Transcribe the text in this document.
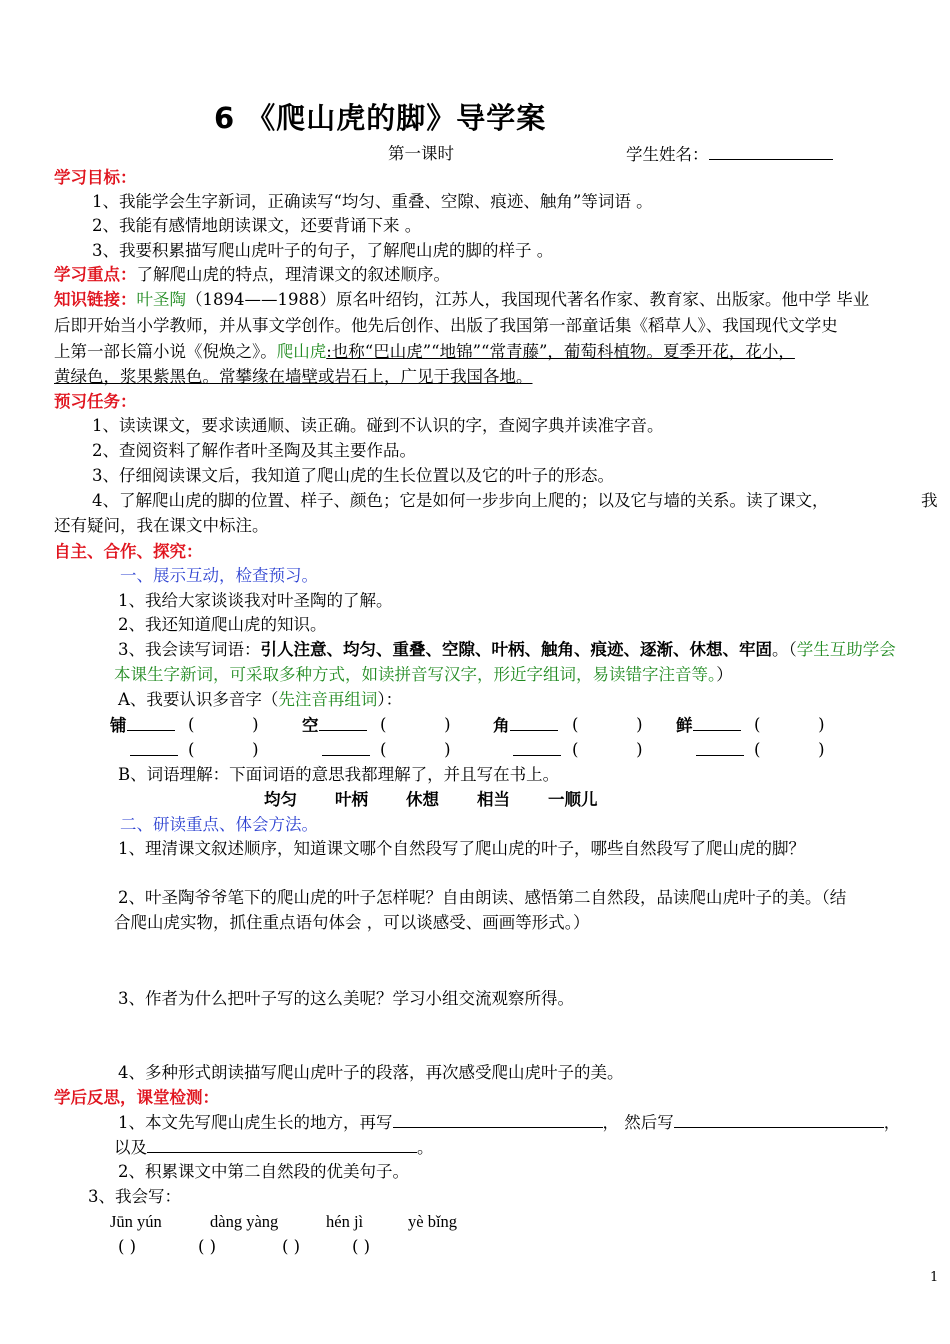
6 《爬山虎的脚》导学案
第一课时	学生姓名：
学习目标：
1、我能学会生字新词，正确读写“均匀、重叠、空隙、痕迹、触角”等词语 。
2、我能有感情地朗读课文，还要背诵下来 。
3、我要积累描写爬山虎叶子的句子，了解爬山虎的脚的样子 。
学习重点：了解爬山虎的特点，理清课文的叙述顺序。
知识链接：叶圣陶（1894——1988）原名叶绍钧，江苏人，我国现代著名作家、教育家、出版家。他中学 毕业
后即开始当小学教师，并从事文学创作。他先后创作、出版了我国第一部童话集《稻草人》、我国现代文学史
上第一部长篇小说《倪焕之》。爬山虎:也称“巴山虎”“地锦”“常青藤”，葡萄科植物。夏季开花，花小，
黄绿色，浆果紫黑色。常攀缘在墙壁或岩石上，广见于我国各地。
预习任务：
1、读读课文，要求读通顺、读正确。碰到不认识的字，查阅字典并读准字音。
2、查阅资料了解作者叶圣陶及其主要作品。
3、仔细阅读课文后，我知道了爬山虎的生长位置以及它的叶子的形态。
4、了解爬山虎的脚的位置、样子、颜色；它是如何一步步向上爬的；以及它与墙的关系。读了课文，	我
还有疑问，我在课文中标注。
自主、合作、探究：
一、展示互动，检查预习。
1、我给大家谈谈我对叶圣陶的了解。
2、我还知道爬山虎的知识。
3、我会读写词语：引人注意、均匀、重叠、空隙、叶柄、触角、痕迹、逐渐、休想、牢固。（学生互助学会
本课生字新词，可采取多种方式，如读拼音写汉字，形近字组词，易读错字注音等。）
A、我要认识多音字（先注音再组词）：
铺	(           )	空	(           )	角	(           ) 鲜	(           )
(           )	(           )	(           )	(           )
B、词语理解：下面词语的意思我都理解了，并且写在书上。
均匀 叶柄 休想 相当 一顺儿
二、研读重点、体会方法。
1、理清课文叙述顺序，知道课文哪个自然段写了爬山虎的叶子，哪些自然段写了爬山虎的脚？
2、叶圣陶爷爷笔下的爬山虎的叶子怎样呢？自由朗读、感悟第二自然段，品读爬山虎叶子的美。（结
合爬山虎实物，抓住重点语句体会 ，可以谈感受、画画等形式。）
3、作者为什么把叶子写的这么美呢？学习小组交流观察所得。
4、多种形式朗读描写爬山虎叶子的段落，再次感受爬山虎叶子的美。
学后反思，课堂检测：
1、本文先写爬山虎生长的地方，再写	， 然后写	，
以及	。
2、积累课文中第二自然段的优美句子。
3、我会写：
Jūn yún	dàng yàng	hén jì	yè bǐng
( )	( )	( )	( )
1
